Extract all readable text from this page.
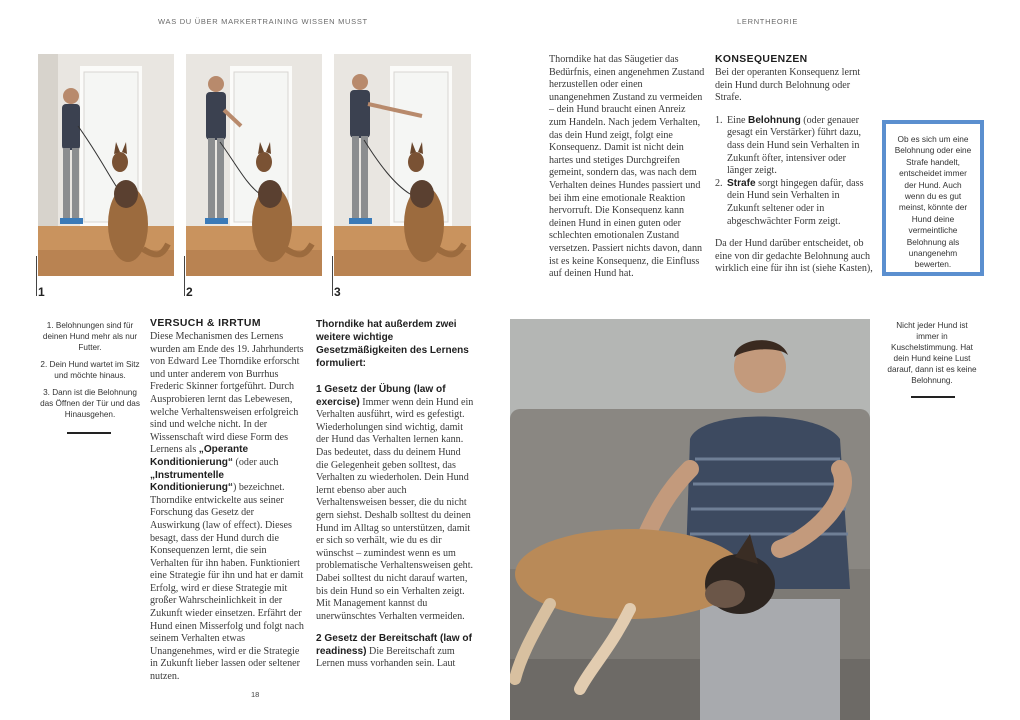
WAS DU ÜBER MARKERTRAINING WISSEN MUSST	LERNTHEORIE
1	2	3

1. Belohnungen sind für deinen Hund mehr als nur Futter.

2. Dein Hund wartet im Sitz und möchte hinaus.

3. Dann ist die Belohnung das Öffnen der Tür und das Hinausgehen.

VERSUCH & IRRTUM

Diese Mechanismen des Lernens wurden am Ende des 19. Jahrhunderts von Edward Lee Thorndike erforscht und unter anderem von Burrhus Frederic Skinner fortgeführt. Durch Ausprobieren lernt das Lebewesen, welche Verhaltensweisen erfolgreich sind und welche nicht. In der Wissenschaft wird diese Form des Lernens als „Operante Konditionierung“ (oder auch „Instrumentelle Konditionierung“) bezeichnet.

Thorndike entwickelte aus seiner Forschung das Gesetz der Auswirkung (law of effect). Dieses besagt, dass der Hund durch die Konsequenzen lernt, die sein Verhalten für ihn haben. Funktioniert eine Strategie für ihn und hat er damit Erfolg, wird er diese Strategie mit großer Wahrscheinlichkeit in der Zukunft wieder einsetzen. Erfährt der Hund einen Misserfolg und folgt nach seinem Verhalten etwas Unangenehmes, wird er die Strategie in Zukunft lieber lassen oder seltener nutzen.

Thorndike hat außerdem zwei weitere wichtige Gesetzmäßigkeiten des Lernens formuliert:

1 Gesetz der Übung (law of exercise) Immer wenn dein Hund ein Verhalten ausführt, wird es gefestigt. Wiederholungen sind wichtig, damit der Hund das Verhalten lernen kann. Das bedeutet, dass du deinem Hund die Gelegenheit geben solltest, das Verhalten zu wiederholen. Dein Hund lernt ebenso aber auch Verhaltensweisen besser, die du nicht gern siehst. Deshalb solltest du deinen Hund im Alltag so unterstützen, damit er sich so verhält, wie du es dir wünschst – zumindest wenn es um problematische Verhaltensweisen geht. Dabei solltest du nicht darauf warten, bis dein Hund so ein Verhalten zeigt. Mit Management kannst du unerwünschtes Verhalten vermeiden.

2 Gesetz der Bereitschaft (law of readiness) Die Bereitschaft zum Lernen muss vorhanden sein. Laut

18

Thorndike hat das Säugetier das Bedürfnis, einen angenehmen Zustand herzustellen oder einen unangenehmen Zustand zu vermeiden – dein Hund braucht einen Anreiz zum Handeln. Nach jedem Verhalten, das dein Hund zeigt, folgt eine Konsequenz. Damit ist nicht dein hartes und stetiges Durchgreifen gemeint, sondern das, was nach dem Verhalten deines Hundes passiert und bei ihm eine emotionale Reaktion hervorruft. Die Konsequenz kann deinen Hund in einen guten oder schlechten emotionalen Zustand versetzen. Passiert nichts davon, dann ist es keine Konsequenz, die Einfluss auf deinen Hund hat.

KONSEQUENZEN

Bei der operanten Konsequenz lernt dein Hund durch Belohnung oder Strafe.

1. Eine Belohnung (oder genauer gesagt ein Verstärker) führt dazu, dass dein Hund sein Verhalten in Zukunft öfter, intensiver oder länger zeigt.
2. Strafe sorgt hingegen dafür, dass dein Hund sein Verhalten in Zukunft seltener oder in abgeschwächter Form zeigt.

Da der Hund darüber entscheidet, ob eine von dir gedachte Belohnung auch wirklich eine für ihn ist (siehe Kasten),

Ob es sich um eine Belohnung oder eine Strafe handelt, entscheidet immer der Hund. Auch wenn du es gut meinst, könnte der Hund deine vermeintliche Belohnung als unangenehm bewerten.

Nicht jeder Hund ist immer in Kuschelstimmung. Hat dein Hund keine Lust darauf, dann ist es keine Belohnung.
